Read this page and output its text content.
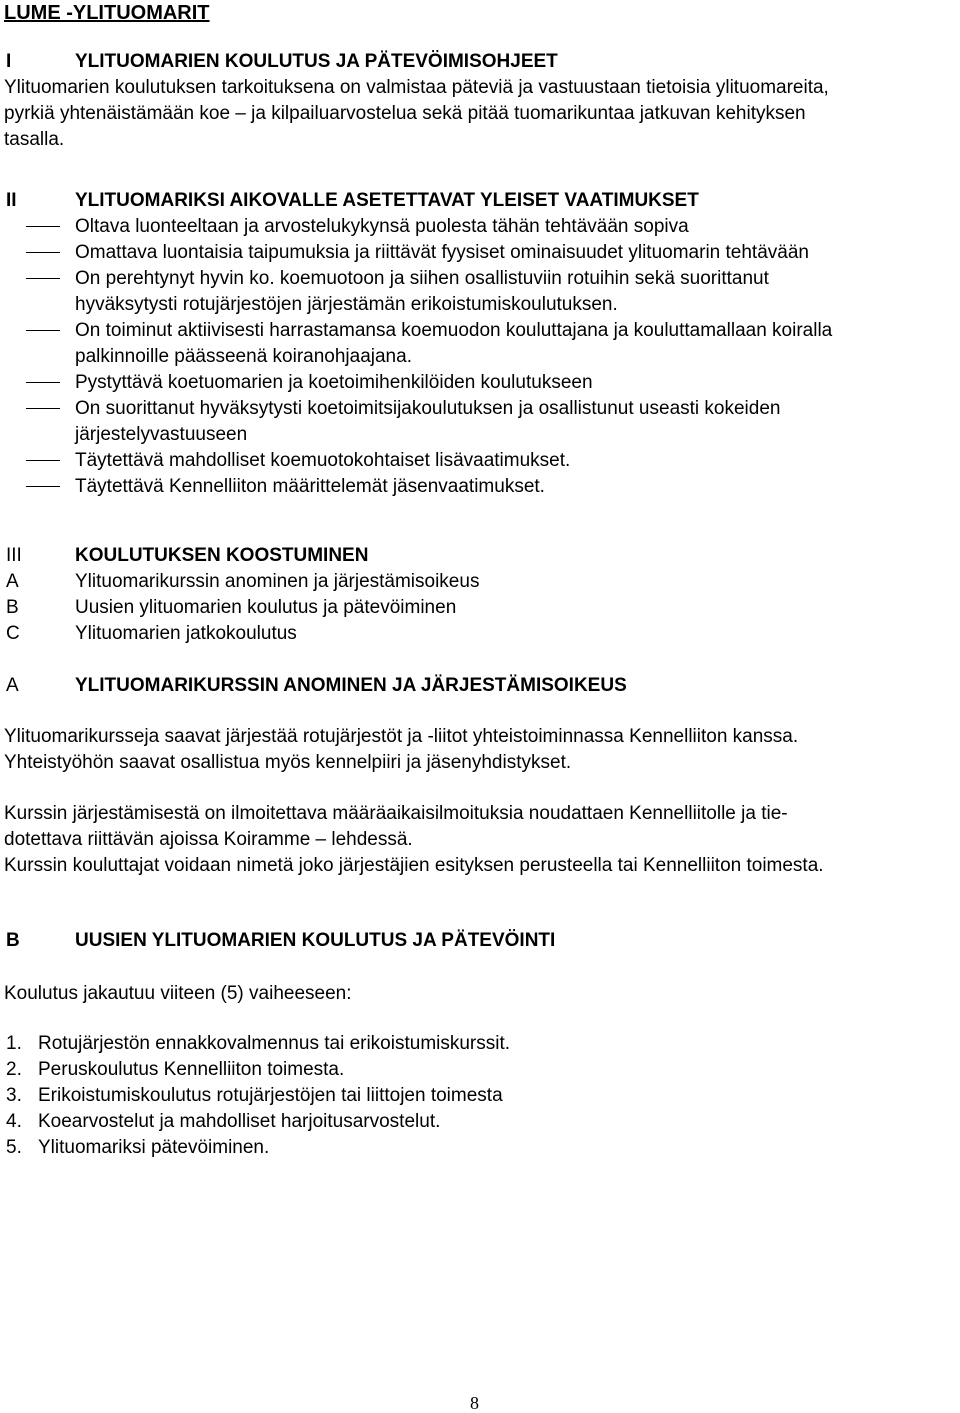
LUME -YLITUOMARIT
I	YLITUOMARIEN KOULUTUS JA PÄTEVÖIMISOHJEET
Ylituomarien koulutuksen tarkoituksena on valmistaa päteviä ja vastuustaan tietoisia ylituomareita,
pyrkiä yhtenäistämään koe – ja kilpailuarvostelua sekä pitää tuomarikuntaa jatkuvan kehityksen
tasalla.
II	YLITUOMARIKSI AIKOVALLE ASETETTAVAT YLEISET VAATIMUKSET
Oltava luonteeltaan ja arvostelukykynsä puolesta tähän tehtävään sopiva
Omattava luontaisia taipumuksia ja riittävät fyysiset ominaisuudet ylituomarin tehtävään
On perehtynyt hyvin ko. koemuotoon ja siihen osallistuviin rotuihin sekä suorittanut
hyväksytysti rotujärjestöjen järjestämän erikoistumiskoulutuksen.
On toiminut aktiivisesti harrastamansa koemuodon kouluttajana ja kouluttamallaan koiralla
palkinnoille päässeenä koiranohjaajana.
Pystyttävä koetuomarien ja koetoimihenkilöiden koulutukseen
On suorittanut hyväksytysti koetoimitsijakoulutuksen ja osallistunut useasti kokeiden
järjestelyvastuuseen
Täytettävä mahdolliset koemuotokohtaiset lisävaatimukset.
Täytettävä Kennelliiton määrittelemät jäsenvaatimukset.
III	KOULUTUKSEN KOOSTUMINEN
A	Ylituomarikurssin anominen ja järjestämisoikeus
B	Uusien ylituomarien koulutus ja pätevöiminen
C	Ylituomarien jatkokoulutus
A	YLITUOMARIKURSSIN ANOMINEN JA JÄRJESTÄMISOIKEUS
Ylituomarikursseja saavat järjestää rotujärjestöt ja -liitot yhteistoiminnassa Kennelliiton kanssa.
Yhteistyöhön saavat osallistua myös kennelpiiri ja jäsenyhdistykset.
Kurssin järjestämisestä on ilmoitettava määräaikaisilmoituksia noudattaen Kennelliitolle ja tie-
dotettava riittävän ajoissa Koiramme – lehdessä.
Kurssin kouluttajat voidaan nimetä joko järjestäjien esityksen perusteella tai Kennelliiton toimesta.
B	UUSIEN YLITUOMARIEN KOULUTUS JA PÄTEVÖINTI
Koulutus jakautuu viiteen (5) vaiheeseen:
1. Rotujärjestön ennakkovalmennus tai erikoistumiskurssit.
2. Peruskoulutus Kennelliiton toimesta.
3. Erikoistumiskoulutus rotujärjestöjen tai liittojen toimesta
4. Koearvostelut ja mahdolliset harjoitusarvostelut.
5. Ylituomariksi pätevöiminen.
8
